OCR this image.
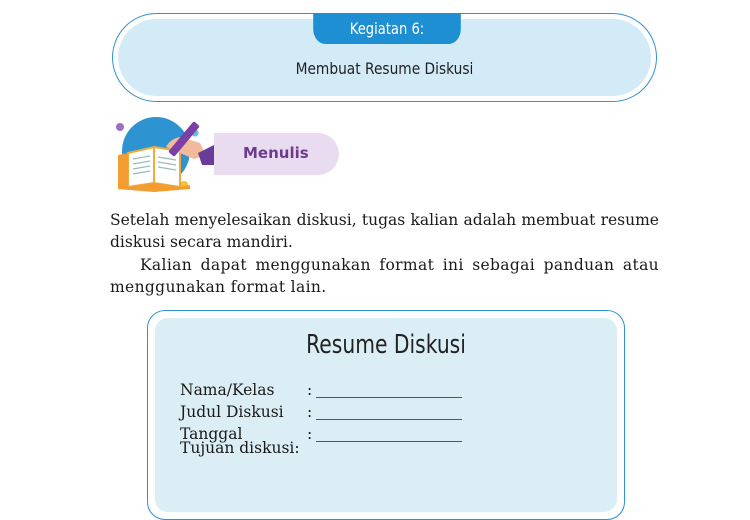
Kegiatan 6:
Membuat Resume Diskusi
Menulis

Setelah menyelesaikan diskusi, tugas kalian adalah membuat resume diskusi secara mandiri.

Kalian dapat menggunakan format ini sebagai panduan atau menggunakan format lain.

Resume Diskusi
Nama/Kelas :
Judul Diskusi :
Tanggal	:
Tujuan diskusi:
